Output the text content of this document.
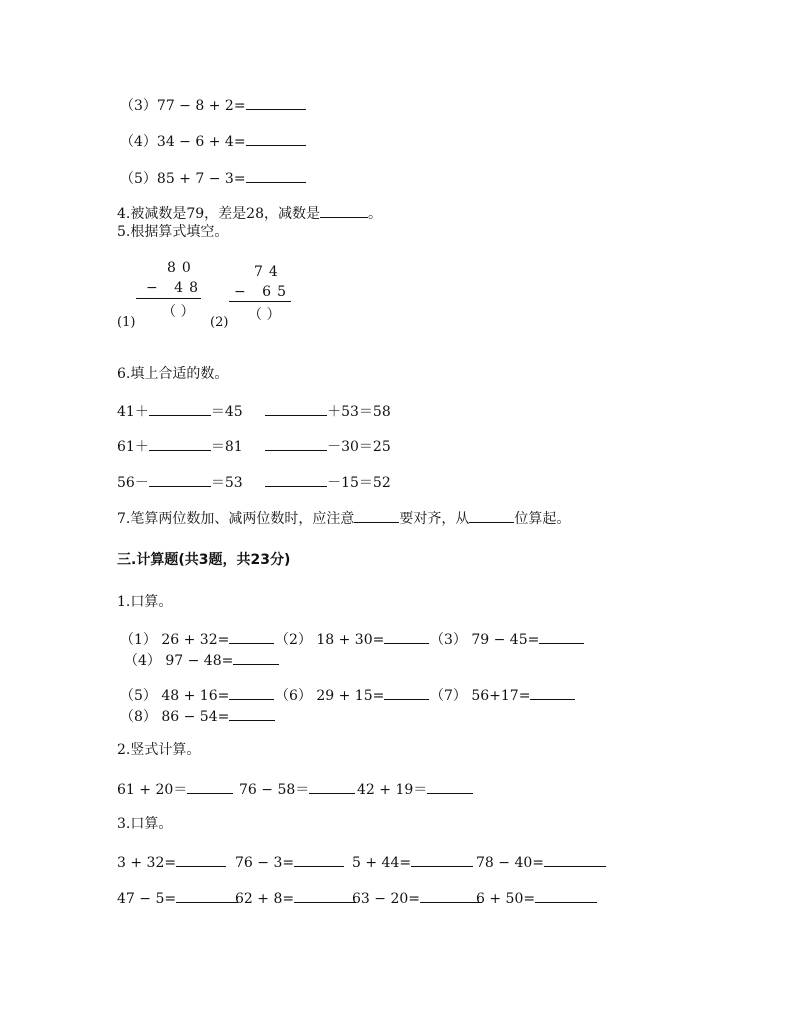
（3）77 − 8 + 2=
（4）34 − 6 + 4=
（5）85 + 7 − 3=
4.被减数是79，差是28，减数是	。
5.根据算式填空。
80
− 48
（ ）
(1)
74
− 65
（ ）
(2)
6.填上合适的数。
41＋	＝45	＋53＝58
61＋	＝81	－30＝25
56－	＝53	－15＝52
7.笔算两位数加、减两位数时，应注意	要对齐，从	位算起。
三.计算题(共3题，共23分)
1.口算。
（1） 26 + 32=	（2） 18 + 30=	（3） 79 − 45=
（4） 97 − 48=
（5） 48 + 16=	（6） 29 + 15=	（7） 56+17=
（8） 86 − 54=
2.竖式计算。
61 + 20＝	76 − 58＝	42 + 19＝
3.口算。
3 + 32=	76 − 3=	5 + 44=	78 − 40=
47 − 5=	62 + 8=	63 − 20=	6 + 50=
